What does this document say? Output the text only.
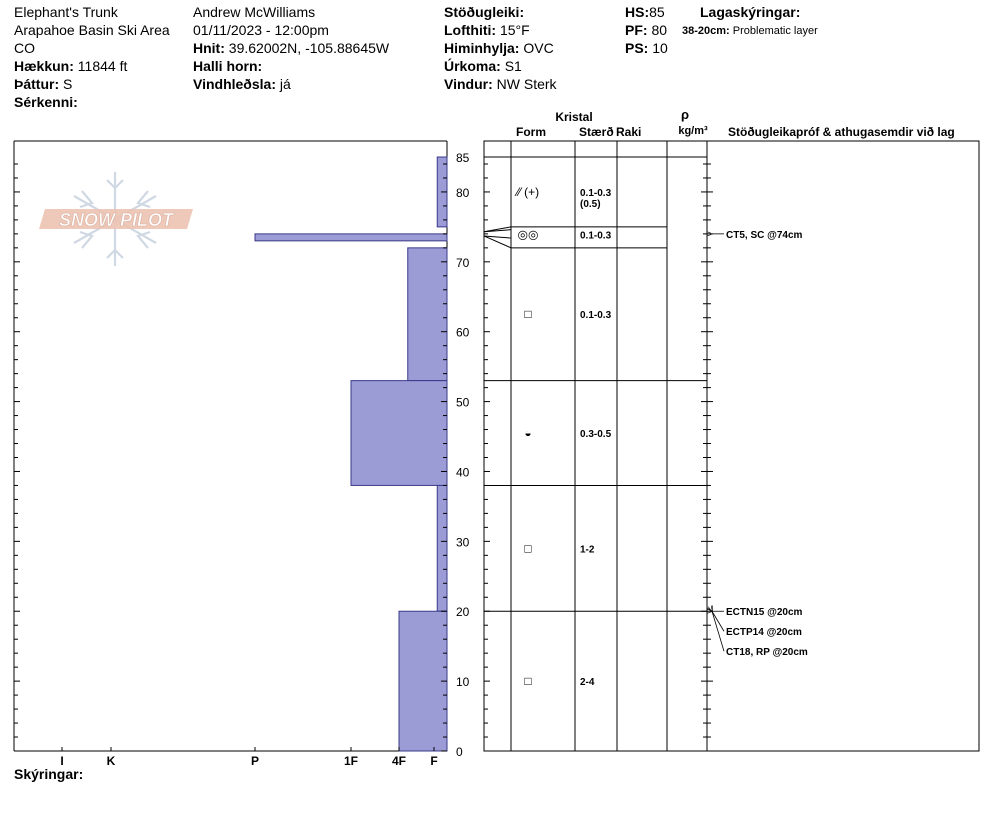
Elephant's Trunk
Arapahoe Basin Ski Area
CO
Hækkun: 11844 ft
Þáttur: S
Sérkenni:
Andrew McWilliams
01/11/2023 - 12:00pm
Hnit: 39.62002N, -105.88645W
Halli horn:
Vindhleðsla: já
Stöðugleiki:
Lofthiti: 15°F
Himinhylja: OVC
Úrkoma: S1
Vindur: NW Sterk
HS:85
PF: 80
PS: 10
Lagaskýringar:
38-20cm: Problematic layer
SNOW PILOT
I	K	P	1F	4F F
Kristal
Form	Stærð Raki
ρ
kg/m³ Stöðugleikapróf & athugasemdir við lag
⁄⁄ (+)	0.1-0.3
(0.5)
◎◎	0.1-0.3
□	0.1-0.3
◒	0.3-0.5
□	1-2
□	2-4
CT5, SC @74cm
ECTN15 @20cm
ECTP14 @20cm
CT18, RP @20cm
0
10
20
30
40
50
60
70
80
85
Skýringar:
